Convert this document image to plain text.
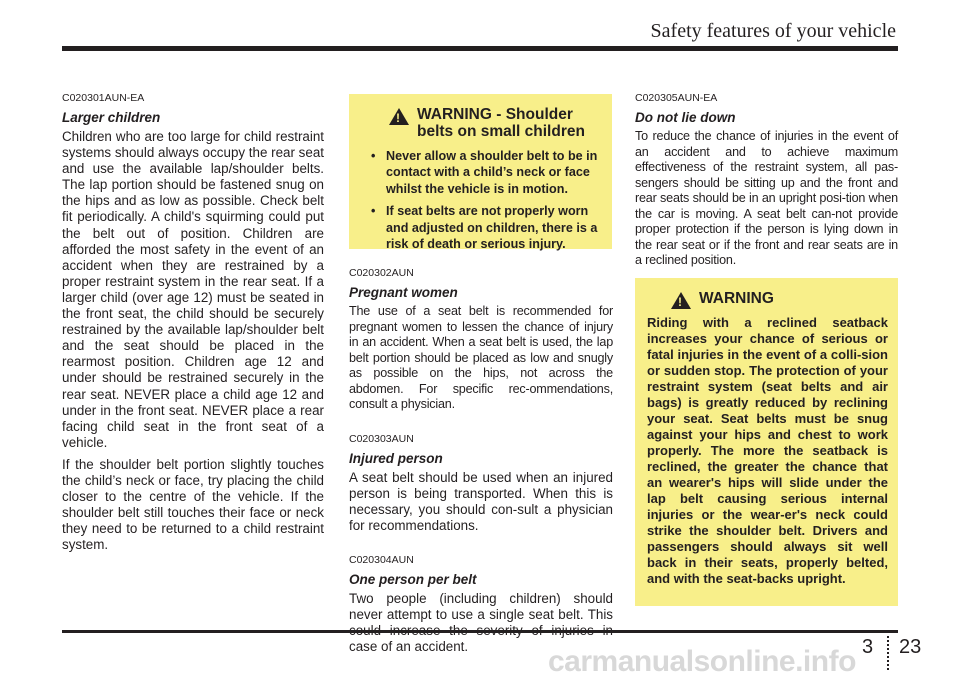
Safety features of your vehicle

C020301AUN-EA

Larger children

Children who are too large for child restraint systems should always occupy the rear seat and use the available lap/shoulder belts. The lap portion should be fastened snug on the hips and as low as possible. Check belt fit periodically. A child's squirming could put the belt out of position. Children are afforded the most safety in the event of an accident when they are restrained by a proper restraint system in the rear seat. If a larger child (over age 12) must be seated in the front seat, the child should be securely restrained by the available lap/shoulder belt and the seat should be placed in the rearmost position. Children age 12 and under should be restrained securely in the rear seat. NEVER place a child age 12 and under in the front seat. NEVER place a rear facing child seat in the front seat of a vehicle.

If the shoulder belt portion slightly touches the child’s neck or face, try placing the child closer to the centre of the vehicle. If the shoulder belt still touches their face or neck they need to be returned to a child restraint system.

!
WARNING - Shoulder belts on small children
• Never allow a shoulder belt to be in contact with a child’s neck or face whilst the vehicle is in motion.
• If seat belts are not properly worn and adjusted on children, there is a risk of death or serious injury.

C020302AUN

Pregnant women

The use of a seat belt is recommended for pregnant women to lessen the chance of injury in an accident. When a seat belt is used, the lap belt portion should be placed as low and snugly as possible on the hips, not across the abdomen. For specific rec-ommendations, consult a physician.

C020303AUN

Injured person

A seat belt should be used when an injured person is being transported. When this is necessary, you should con-sult a physician for recommendations.

C020304AUN

One person per belt

Two people (including children) should never attempt to use a single seat belt. This case of an accident.

C020305AUN-EA

Do not lie down

To reduce the chance of injuries in the event of an accident and to achieve maximum effectiveness of the restraint system, all pas-sengers should be sitting up and the front and rear seats should be in an upright posi-tion when the car is moving. A seat belt can-not provide proper protection if the person is lying down in the rear seat or if the front and rear seats are in a reclined position.

!
WARNING
Riding with a reclined seatback increases your chance of serious or fatal injuries in the event of a colli-sion or sudden stop. The protection of your restraint system (seat belts and air bags) is greatly reduced by reclining your seat. Seat belts must be snug against your hips and chest to work properly. The more the seatback is reclined, the greater the chance that an wearer's hips will slide under the lap belt causing serious internal injuries or the wear-er's neck could strike the shoulder belt. Drivers and passengers should always sit well back in their seats, properly belted, and with the seat-backs upright.
carmanualsonline.info 3 23
